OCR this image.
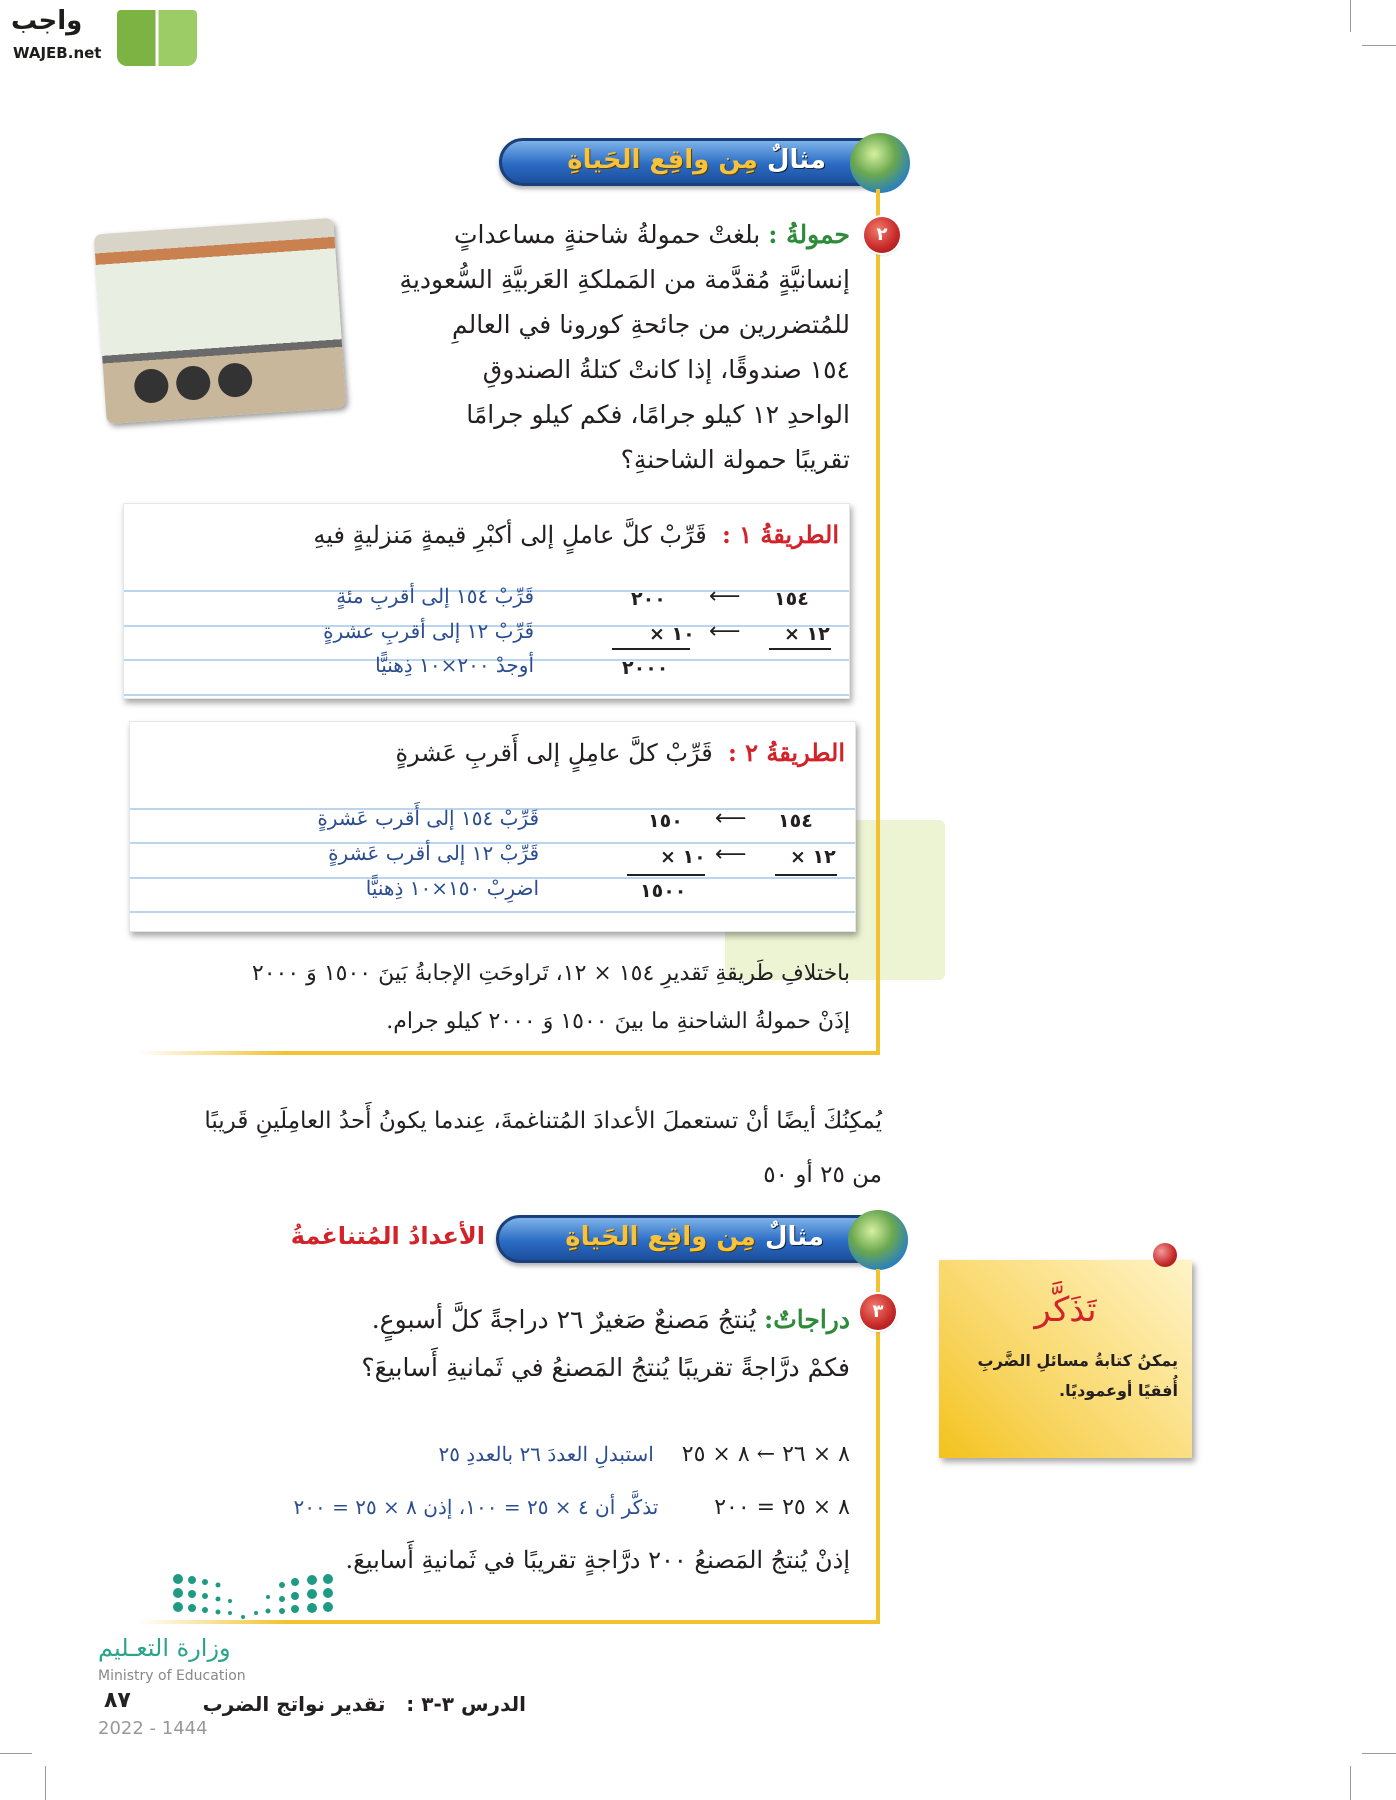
واجب
WAJEB.net
مثالٌ مِن واقِع الحَياةِ
٢
حمولةُ : بلغتْ حمولةُ شاحنةٍ مساعداتٍ
إنسانيَّةٍ مُقدَّمة من المَملكةِ العَربيَّةِ السُّعوديةِ
للمُتضررين من جائحةِ كورونا في العالمِ
١٥٤ صندوقًا، إذا كانتْ كتلةُ الصندوقِ
الواحدِ ١٢ كيلو جرامًا، فكم كيلو جرامًا
تقريبًا حمولة الشاحنةِ؟
الطريقةُ ١ :  قَرِّبْ كلَّ عاملٍ إلى أكبْرِ قيمةٍ مَنزليةٍ فيهِ
١٥٤
⟵
٢٠٠
قَرِّبْ ١٥٤ إلى أقربِ مئةٍ
١٢ ×
⟵
١٠ ×
قَرِّبْ ١٢ إلى أقربِ عشرةٍ
٢٠٠٠
أوجدْ ٢٠٠×١٠ ذِهنيًّا
الطريقةُ ٢ :  قَرِّبْ كلَّ عامِلٍ إلى أَقربِ عَشرةٍ
١٥٤
⟵
١٥٠
قَرِّبْ ١٥٤ إلى أَقرب عَشرةٍ
١٢ ×
⟵
١٠ ×
قَرِّبْ ١٢ إلى أقرب عَشرةٍ
١٥٠٠
اضرِبْ ١٥٠×١٠ ذِهنيًّا
باختلافِ طَريقةِ تَقديرِ ١٥٤ × ١٢، تَراوحَتِ الإجابةُ بَينَ ١٥٠٠ وَ ٢٠٠٠
إذَنْ حمولةُ الشاحنةِ ما بينَ ١٥٠٠ وَ ٢٠٠٠ كيلو جرام.
يُمكِنُكَ أيضًا أنْ تستعملَ الأعدادَ المُتناغمةَ، عِندما يكونُ أَحدُ العامِلَينِ قَريبًا
من ٢٥ أو ٥٠
مثالٌ مِن واقِع الحَياةِ
الأعدادُ المُتناغمةُ
٣
دراجاتٌ: يُنتجُ مَصنعٌ صَغيرٌ ٢٦ دراجةً كلَّ أسبوعٍ.
فكمْ درَّاجةً تقريبًا يُنتجُ المَصنعُ في ثَمانيةِ أَسابيعَ؟
٨ × ٢٦ ← ٨ × ٢٥    استبدلِ العددَ ٢٦ بالعددِ ٢٥
٨ × ٢٥ = ٢٠٠        تذكَّر أن ٤ × ٢٥ = ١٠٠، إذن ٨ × ٢٥ = ٢٠٠
إذنْ يُنتجُ المَصنعُ ٢٠٠ درَّاجةٍ تقريبًا في ثَمانيةِ أَسابيعَ.
تَذَكَّر
يمكنُ كتابةُ مسائلِ الضَّربِ
أُفقيًا أوعموديًا.
وزارة التعـليم
Ministry of Education
2022 - 1444
٨٧	الدرس ٣-٣ :   تقدير نواتج الضرب
